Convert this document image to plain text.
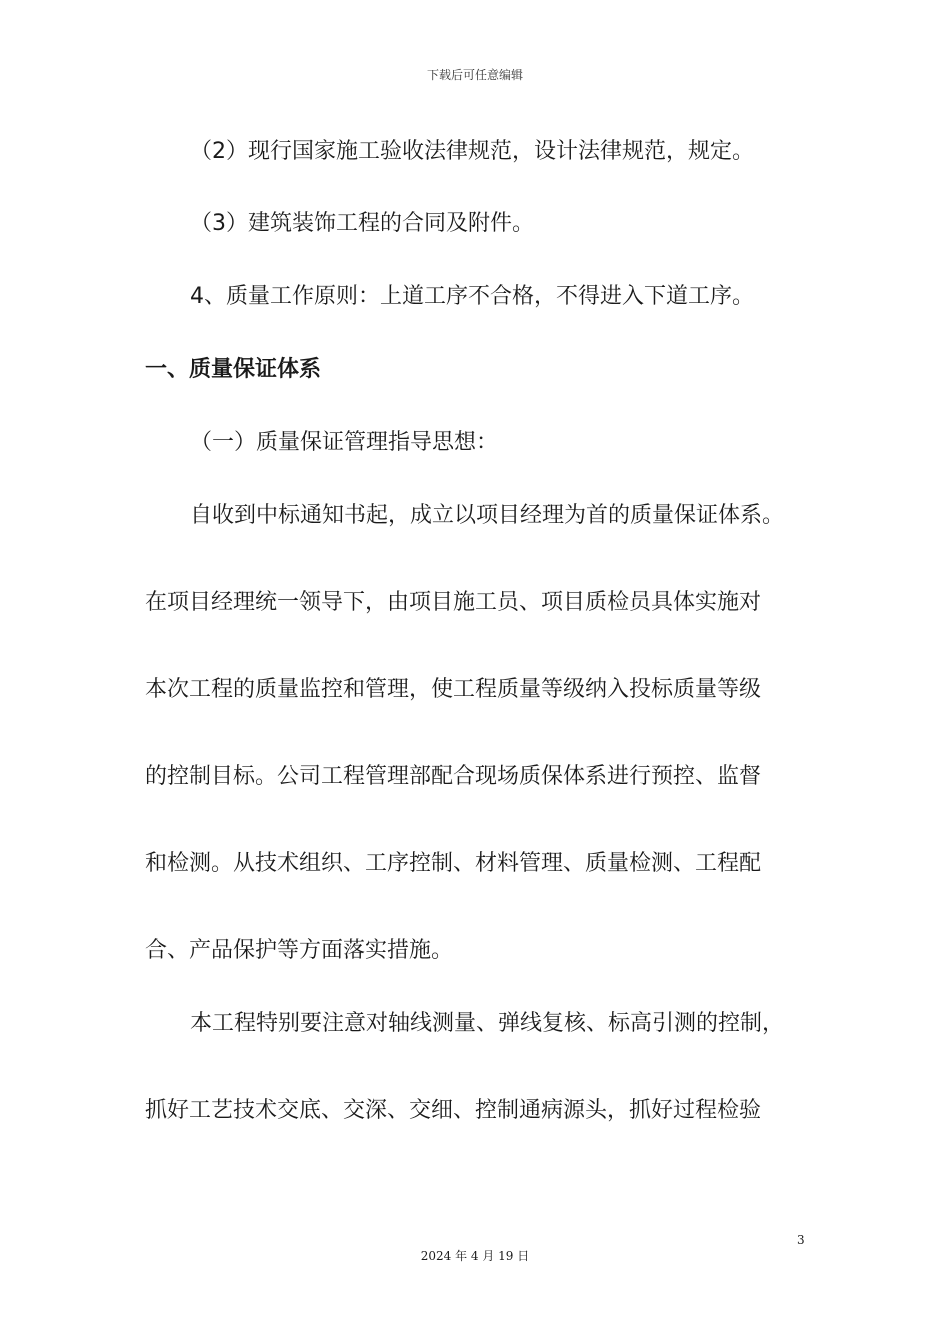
下载后可任意编辑
（2）现行国家施工验收法律规范，设计法律规范，规定。
（3）建筑装饰工程的合同及附件。
4、质量工作原则：上道工序不合格，不得进入下道工序。
一、质量保证体系
（一）质量保证管理指导思想：
自收到中标通知书起，成立以项目经理为首的质量保证体系。
在项目经理统一领导下，由项目施工员、项目质检员具体实施对
本次工程的质量监控和管理，使工程质量等级纳入投标质量等级
的控制目标。公司工程管理部配合现场质保体系进行预控、监督
和检测。从技术组织、工序控制、材料管理、质量检测、工程配
合、产品保护等方面落实措施。
本工程特别要注意对轴线测量、弹线复核、标高引测的控制，
抓好工艺技术交底、交深、交细、控制通病源头，抓好过程检验
3
2024 年 4 月 19 日
